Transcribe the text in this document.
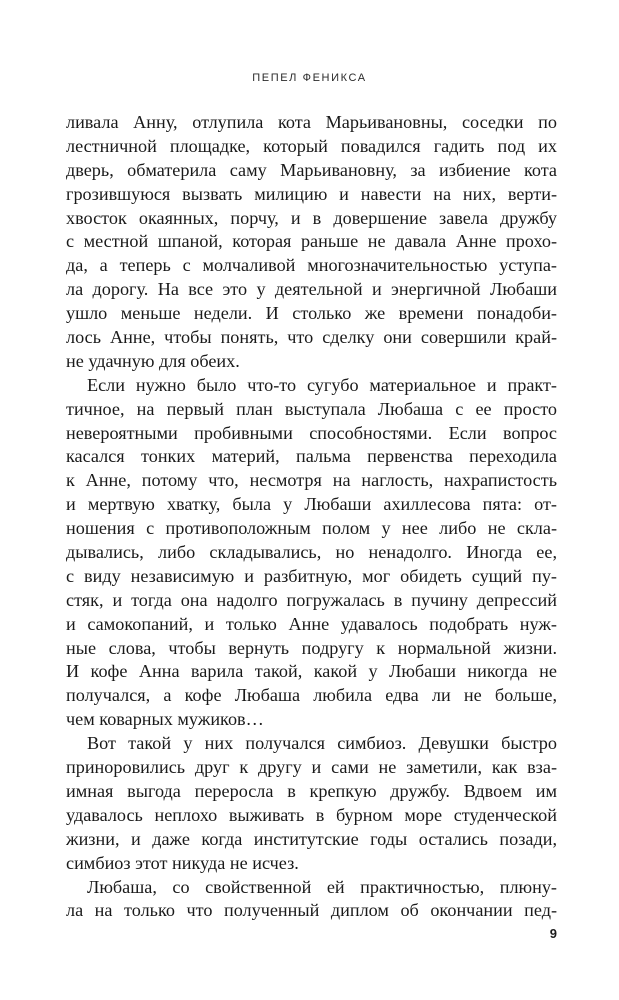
ПЕПЕЛ ФЕНИКСА
ливала Анну, отлупила кота Марьивановны, соседки по
лестничной площадке, который повадился гадить под их
дверь, обматерила саму Марьивановну, за избиение кота
грозившуюся вызвать милицию и навести на них, верти-
хвосток окаянных, порчу, и в довершение завела дружбу
с местной шпаной, которая раньше не давала Анне прохо-
да, а теперь с молчаливой многозначительностью уступа-
ла дорогу. На все это у деятельной и энергичной Любаши
ушло меньше недели. И столько же времени понадоби-
лось Анне, чтобы понять, что сделку они совершили край-
не удачную для обеих.
Если нужно было что-то сугубо материальное и практ-
тичное, на первый план выступала Любаша с ее просто
невероятными пробивными способностями. Если вопрос
касался тонких материй, пальма первенства переходила
к Анне, потому что, несмотря на наглость, нахрапистость
и мертвую хватку, была у Любаши ахиллесова пята: от-
ношения с противоположным полом у нее либо не скла-
дывались, либо складывались, но ненадолго. Иногда ее,
с виду независимую и разбитную, мог обидеть сущий пу-
стяк, и тогда она надолго погружалась в пучину депрессий
и самокопаний, и только Анне удавалось подобрать нуж-
ные слова, чтобы вернуть подругу к нормальной жизни.
И кофе Анна варила такой, какой у Любаши никогда не
получался, а кофе Любаша любила едва ли не больше,
чем коварных мужиков…
Вот такой у них получался симбиоз. Девушки быстро
приноровились друг к другу и сами не заметили, как вза-
имная выгода переросла в крепкую дружбу. Вдвоем им
удавалось неплохо выживать в бурном море студенческой
жизни, и даже когда институтские годы остались позади,
симбиоз этот никуда не исчез.
Любаша, со свойственной ей практичностью, плюну-
ла на только что полученный диплом об окончании пед-
9
